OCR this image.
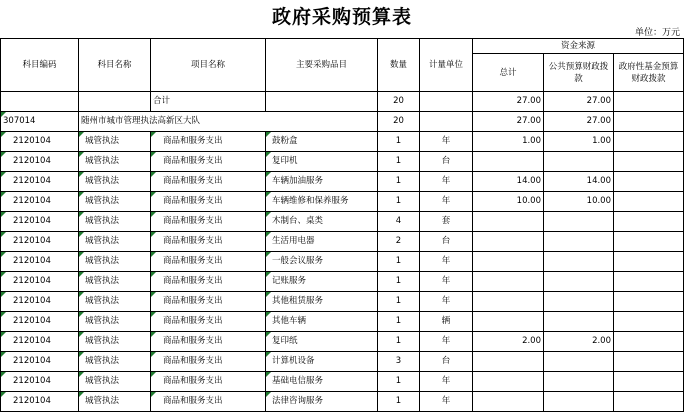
政府采购预算表
单位：万元
科目编码	科目名称	项目名称	主要采购品目	数量	计量单位	资金来源		
						总计	公共预算财政拨款	政府性基金预算财政拨款
		合计		20		27.00	27.00	
307014	随州市城市管理执法高新区大队			20		27.00	27.00	
2120104	城管执法	商品和服务支出	鼓粉盒	1	年	1.00	1.00	
2120104	城管执法	商品和服务支出	复印机	1	台			
2120104	城管执法	商品和服务支出	车辆加油服务	1	年	14.00	14.00	
2120104	城管执法	商品和服务支出	车辆维修和保养服务	1	年	10.00	10.00	
2120104	城管执法	商品和服务支出	木制台、桌类	4	套			
2120104	城管执法	商品和服务支出	生活用电器	2	台			
2120104	城管执法	商品和服务支出	一般会议服务	1	年			
2120104	城管执法	商品和服务支出	记账服务	1	年			
2120104	城管执法	商品和服务支出	其他租赁服务	1	年			
2120104	城管执法	商品和服务支出	其他车辆	1	辆			
2120104	城管执法	商品和服务支出	复印纸	1	年	2.00	2.00	
2120104	城管执法	商品和服务支出	计算机设备	3	台			
2120104	城管执法	商品和服务支出	基础电信服务	1	年			
2120104	城管执法	商品和服务支出	法律咨询服务	1	年			
